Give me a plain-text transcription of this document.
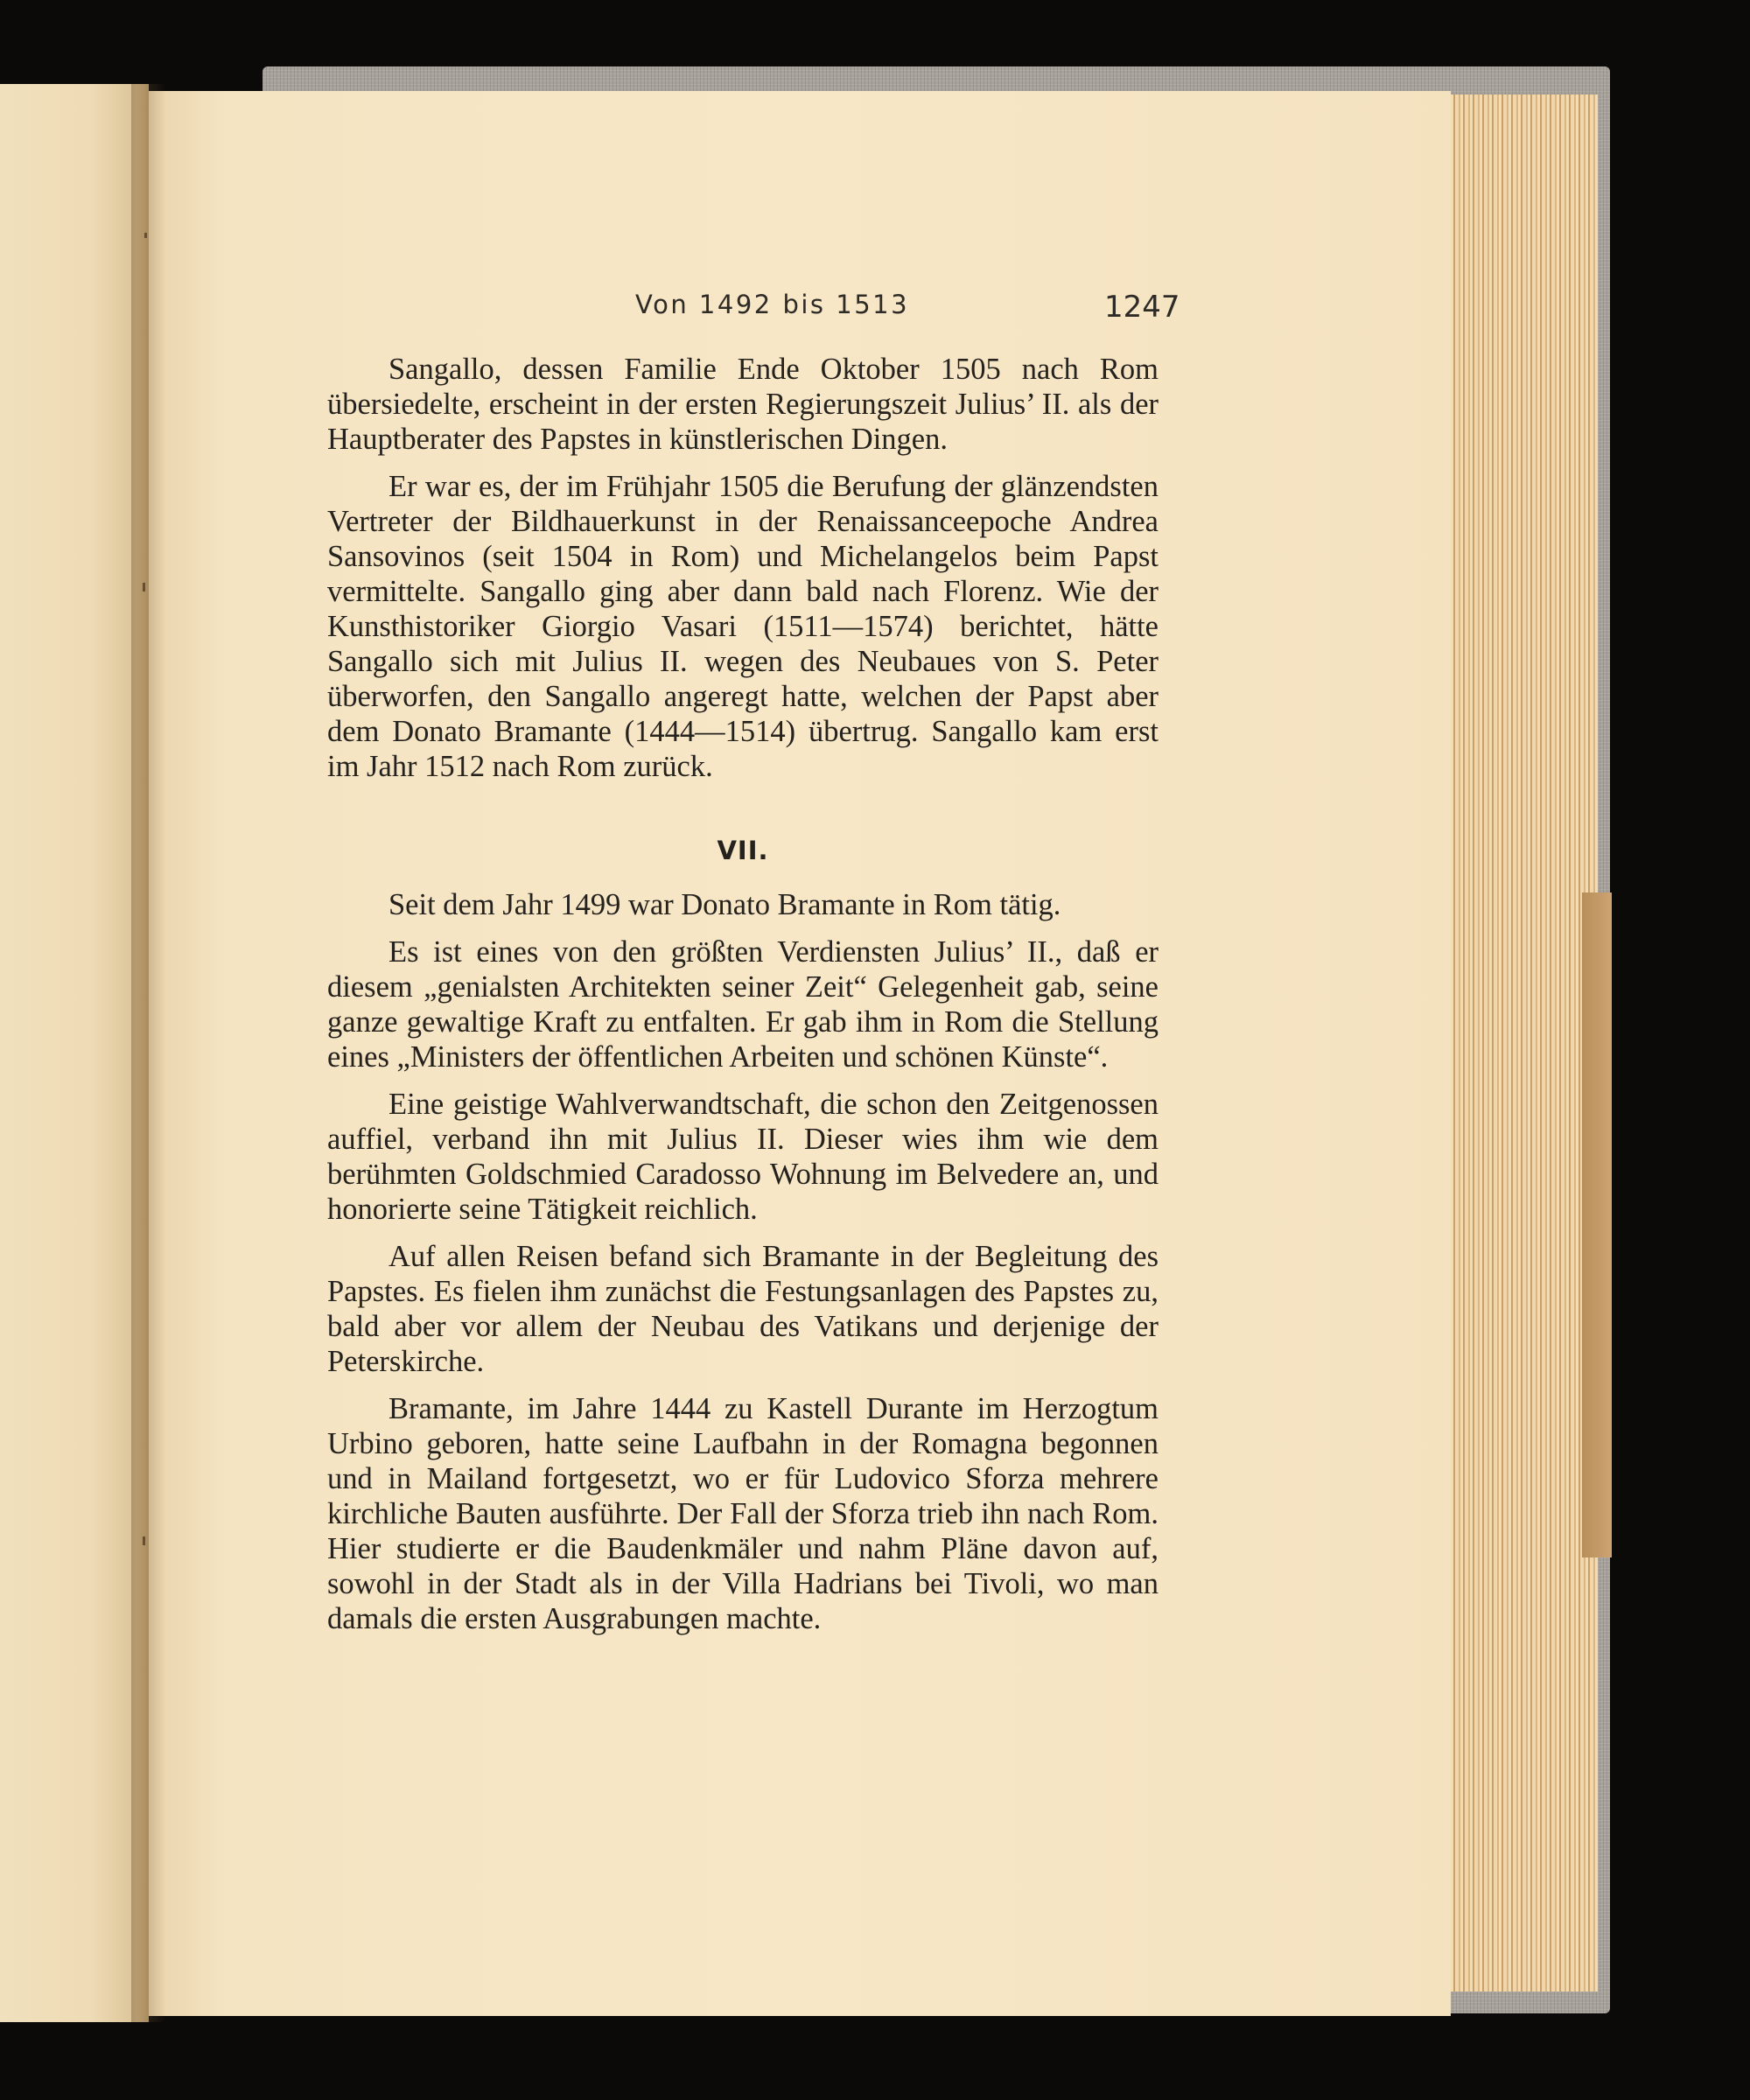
Von 1492 bis 1513	1247

Sangallo, dessen Familie Ende Oktober 1505 nach Rom übersiedelte, erscheint in der ersten Regierungszeit Julius’ II. als der Hauptberater des Papstes in künstlerischen Dingen.

Er war es, der im Frühjahr 1505 die Berufung der glänzendsten Vertreter der Bildhauerkunst in der Renaissanceepoche Andrea Sansovinos (seit 1504 in Rom) und Michelangelos beim Papst vermittelte. Sangallo ging aber dann bald nach Florenz. Wie der Kunsthistoriker Giorgio Vasari (1511—1574) berichtet, hätte Sangallo sich mit Julius II. wegen des Neubaues von S. Peter überworfen, den Sangallo angeregt hatte, welchen der Papst aber dem Donato Bramante (1444—1514) übertrug. Sangallo kam erst im Jahr 1512 nach Rom zurück.

VII.

Seit dem Jahr 1499 war Donato Bramante in Rom tätig.

Es ist eines von den größten Verdiensten Julius’ II., daß er diesem „genialsten Architekten seiner Zeit“ Gelegenheit gab, seine ganze gewaltige Kraft zu entfalten. Er gab ihm in Rom die Stellung eines „Ministers der öffentlichen Arbeiten und schönen Künste“.

Eine geistige Wahlverwandtschaft, die schon den Zeitgenossen auffiel, verband ihn mit Julius II. Dieser wies ihm wie dem berühmten Goldschmied Caradosso Wohnung im Belvedere an, und honorierte seine Tätigkeit reichlich.

Auf allen Reisen befand sich Bramante in der Begleitung des Papstes. Es fielen ihm zunächst die Festungsanlagen des Papstes zu, bald aber vor allem der Neubau des Vatikans und derjenige der Peterskirche.

Bramante, im Jahre 1444 zu Kastell Durante im Herzogtum Urbino geboren, hatte seine Laufbahn in der Romagna begonnen und in Mailand fortgesetzt, wo er für Ludovico Sforza mehrere kirchliche Bauten ausführte. Der Fall der Sforza trieb ihn nach Rom. Hier studierte er die Baudenkmäler und nahm Pläne davon auf, sowohl in der Stadt als in der Villa Hadrians bei Tivoli, wo man damals die ersten Ausgrabungen machte.
